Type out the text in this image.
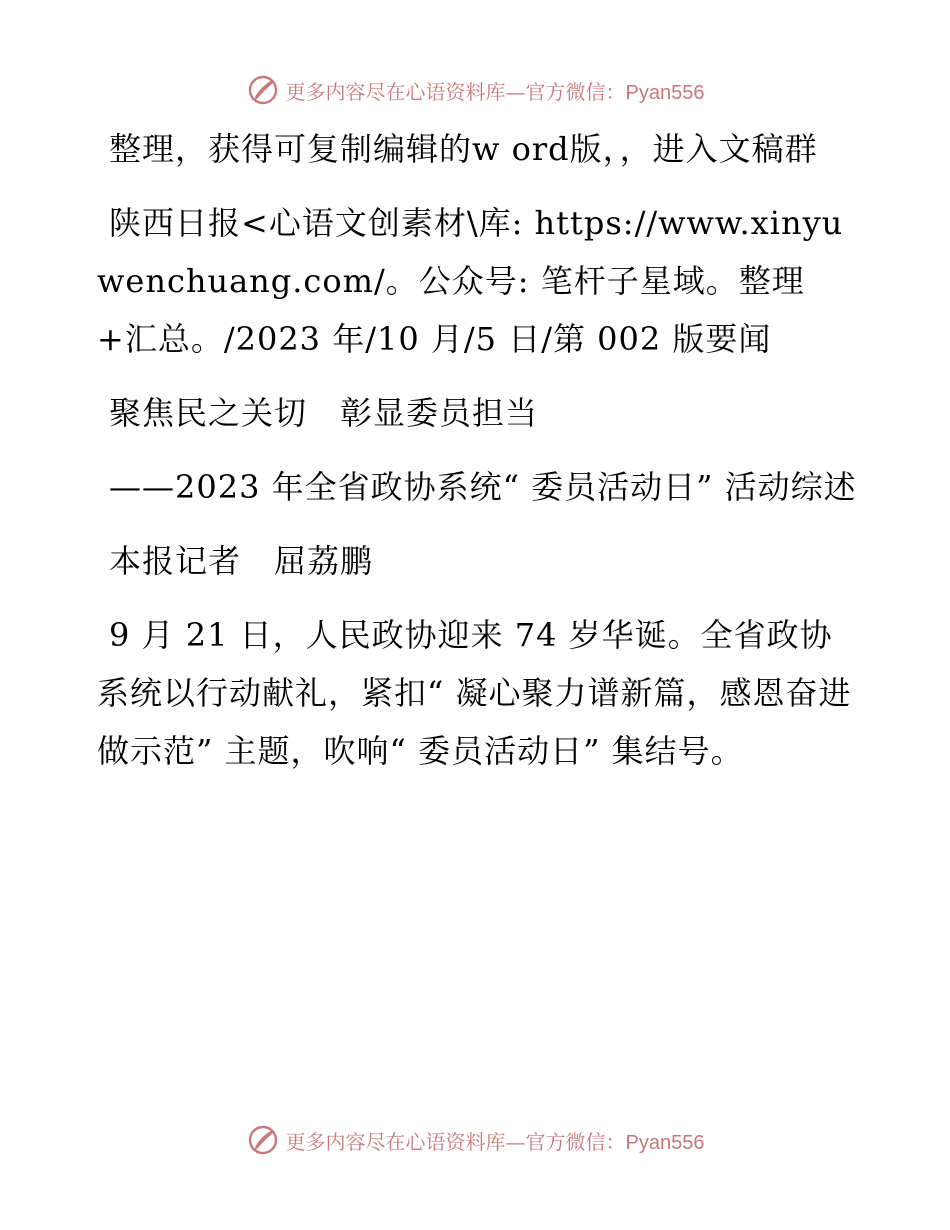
更多内容尽在心语资料库—官方微信：Pyan556

整理，获得可复制编辑的w ord版，，进入文稿群

陕西日报<心语文创素材\库: https://www.xinyuwenchuang.com/。公众号: 笔杆子星域。整理+汇总。/2023 年/10 月/5 日/第 002 版要闻

聚焦民之关切　彰显委员担当

——2023 年全省政协系统“ 委员活动日” 活动综述

本报记者　屈荔鹏

9 月 21 日，人民政协迎来 74 岁华诞。全省政协系统以行动献礼，紧扣“ 凝心聚力谱新篇，感恩奋进做示范” 主题，吹响“ 委员活动日” 集结号。

更多内容尽在心语资料库—官方微信：Pyan556
